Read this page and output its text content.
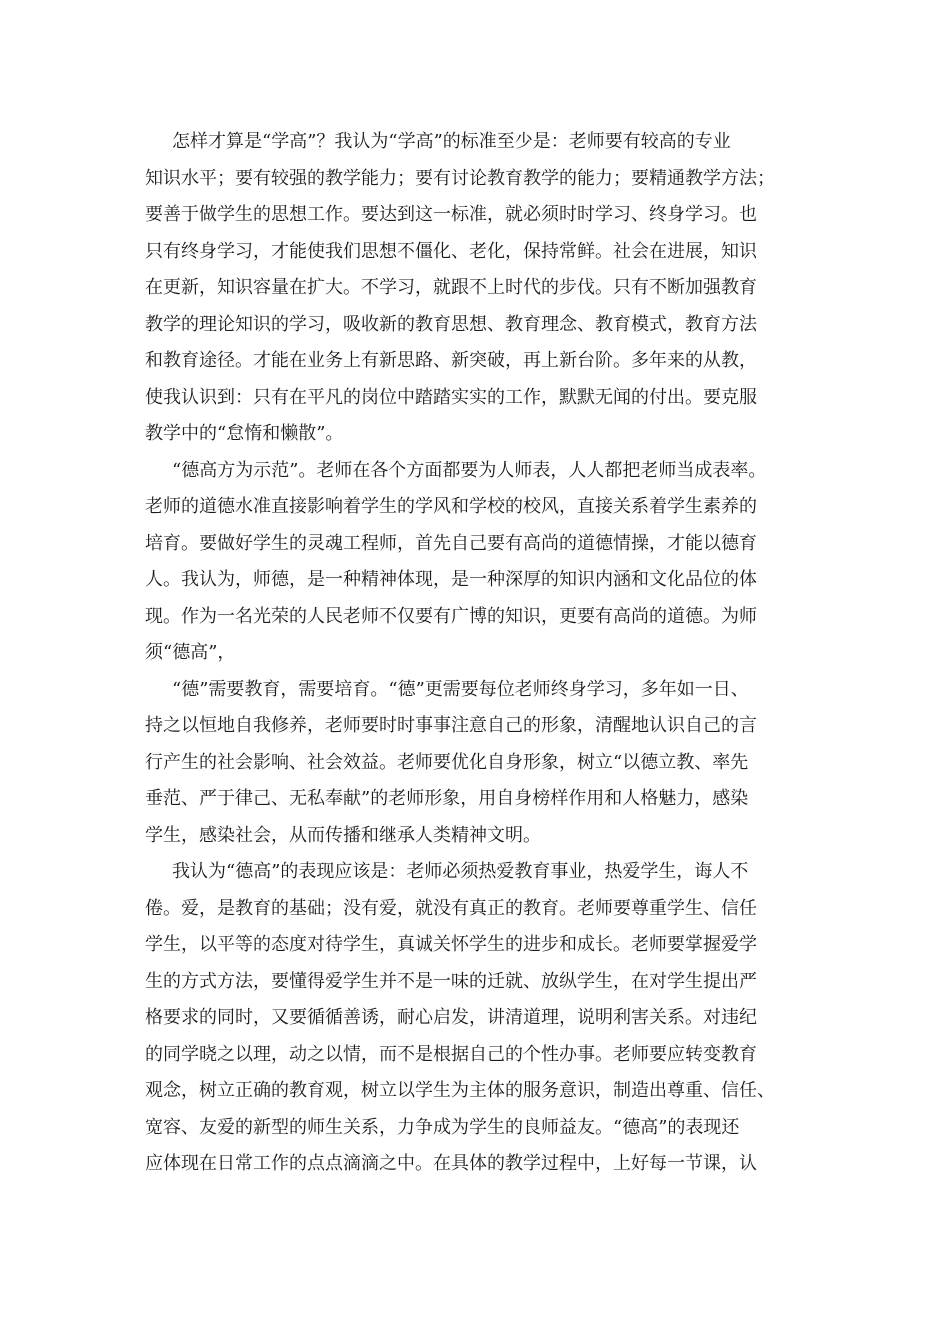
怎样才算是“学高”？我认为“学高”的标准至少是：老师要有较高的专业
知识水平；要有较强的教学能力；要有讨论教育教学的能力；要精通教学方法；
要善于做学生的思想工作。要达到这一标准，就必须时时学习、终身学习。也
只有终身学习，才能使我们思想不僵化、老化，保持常鲜。社会在进展，知识
在更新，知识容量在扩大。不学习，就跟不上时代的步伐。只有不断加强教育
教学的理论知识的学习，吸收新的教育思想、教育理念、教育模式，教育方法
和教育途径。才能在业务上有新思路、新突破，再上新台阶。多年来的从教，
使我认识到：只有在平凡的岗位中踏踏实实的工作，默默无闻的付出。要克服
教学中的“怠惰和懒散”。
“德高方为示范”。老师在各个方面都要为人师表，人人都把老师当成表率。
老师的道德水准直接影响着学生的学风和学校的校风，直接关系着学生素养的
培育。要做好学生的灵魂工程师，首先自己要有高尚的道德情操，才能以德育
人。我认为，师德，是一种精神体现，是一种深厚的知识内涵和文化品位的体
现。作为一名光荣的人民老师不仅要有广博的知识，更要有高尚的道德。为师
须“德高”，
“德”需要教育，需要培育。“德”更需要每位老师终身学习，多年如一日、
持之以恒地自我修养，老师要时时事事注意自己的形象，清醒地认识自己的言
行产生的社会影响、社会效益。老师要优化自身形象，树立“以德立教、率先
垂范、严于律己、无私奉献”的老师形象，用自身榜样作用和人格魅力，感染
学生，感染社会，从而传播和继承人类精神文明。
我认为“德高”的表现应该是：老师必须热爱教育事业，热爱学生，诲人不
倦。爱，是教育的基础；没有爱，就没有真正的教育。老师要尊重学生、信任
学生，以平等的态度对待学生，真诚关怀学生的进步和成长。老师要掌握爱学
生的方式方法，要懂得爱学生并不是一味的迁就、放纵学生，在对学生提出严
格要求的同时，又要循循善诱，耐心启发，讲清道理，说明利害关系。对违纪
的同学晓之以理，动之以情，而不是根据自己的个性办事。老师要应转变教育
观念，树立正确的教育观，树立以学生为主体的服务意识，制造出尊重、信任、
宽容、友爱的新型的师生关系，力争成为学生的良师益友。“德高”的表现还
应体现在日常工作的点点滴滴之中。在具体的教学过程中，上好每一节课，认
